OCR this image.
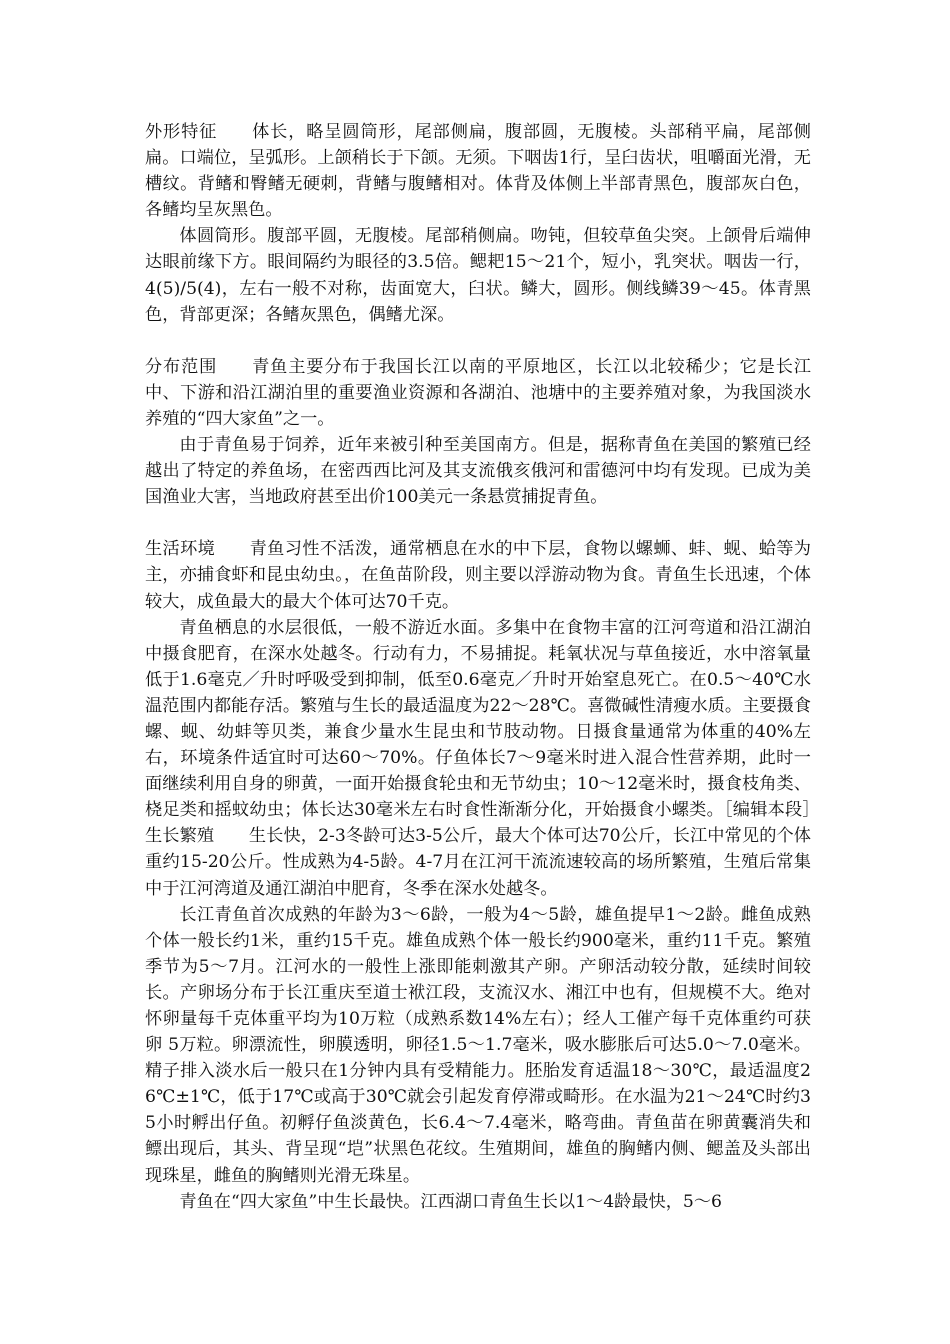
外形特征 体长，略呈圆筒形，尾部侧扁，腹部圆，无腹棱。头部稍平扁，尾部侧扁。口端位，呈弧形。上颌稍长于下颌。无须。下咽齿1行，呈臼齿状，咀嚼面光滑，无槽纹。背鳍和臀鳍无硬刺，背鳍与腹鳍相对。体背及体侧上半部青黑色，腹部灰白色，各鳍均呈灰黑色。

体圆筒形。腹部平圆，无腹棱。尾部稍侧扁。吻钝，但较草鱼尖突。上颌骨后端伸达眼前缘下方。眼间隔约为眼径的3.5倍。鳃耙15～21个，短小，乳突状。咽齿一行，4(5)/5(4)，左右一般不对称，齿面宽大，臼状。鳞大，圆形。侧线鳞39～45。体青黑色，背部更深；各鳍灰黑色，偶鳍尤深。

分布范围 青鱼主要分布于我国长江以南的平原地区，长江以北较稀少；它是长江中、下游和沿江湖泊里的重要渔业资源和各湖泊、池塘中的主要养殖对象，为我国淡水养殖的“四大家鱼”之一。

由于青鱼易于饲养，近年来被引种至美国南方。但是，据称青鱼在美国的繁殖已经越出了特定的养鱼场，在密西西比河及其支流俄亥俄河和雷德河中均有发现。已成为美国渔业大害，当地政府甚至出价100美元一条悬赏捕捉青鱼。

生活环境 青鱼习性不活泼，通常栖息在水的中下层，食物以螺蛳、蚌、蚬、蛤等为主，亦捕食虾和昆虫幼虫。，在鱼苗阶段，则主要以浮游动物为食。青鱼生长迅速，个体较大，成鱼最大的最大个体可达70千克。

青鱼栖息的水层很低，一般不游近水面。多集中在食物丰富的江河弯道和沿江湖泊中摄食肥育，在深水处越冬。行动有力，不易捕捉。耗氧状况与草鱼接近，水中溶氧量低于1.6毫克／升时呼吸受到抑制，低至0.6毫克／升时开始窒息死亡。在0.5～40℃水温范围内都能存活。繁殖与生长的最适温度为22～28℃。喜微碱性清瘦水质。主要摄食螺、蚬、幼蚌等贝类，兼食少量水生昆虫和节肢动物。日摄食量通常为体重的40%左右，环境条件适宜时可达60～70%。仔鱼体长7～9毫米时进入混合性营养期，此时一面继续利用自身的卵黄，一面开始摄食轮虫和无节幼虫；10～12毫米时，摄食枝角类、桡足类和摇蚊幼虫；体长达30毫米左右时食性渐渐分化，开始摄食小螺类。［编辑本段］生长繁殖　　生长快，2-3冬龄可达3-5公斤，最大个体可达70公斤，长江中常见的个体重约15-20公斤。性成熟为4-5龄。4-7月在江河干流流速较高的场所繁殖，生殖后常集中于江河湾道及通江湖泊中肥育，冬季在深水处越冬。

长江青鱼首次成熟的年龄为3～6龄，一般为4～5龄，雄鱼提早1～2龄。雌鱼成熟个体一般长约1米，重约15千克。雄鱼成熟个体一般长约900毫米，重约11千克。繁殖季节为5～7月。江河水的一般性上涨即能刺激其产卵。产卵活动较分散，延续时间较长。产卵场分布于长江重庆至道士袱江段，支流汉水、湘江中也有，但规模不大。绝对怀卵量每千克体重平均为10万粒（成熟系数14%左右）；经人工催产每千克体重约可获卵 5万粒。卵漂流性，卵膜透明，卵径1.5～1.7毫米，吸水膨胀后可达5.0～7.0毫米。精子排入淡水后一般只在1分钟内具有受精能力。胚胎发育适温18～30℃，最适温度26℃±1℃，低于17℃或高于30℃就会引起发育停滞或畸形。在水温为21～24℃时约35小时孵出仔鱼。初孵仔鱼淡黄色，长6.4～7.4毫米，略弯曲。青鱼苗在卵黄囊消失和鳔出现后，其头、背呈现“垲”状黑色花纹。生殖期间，雄鱼的胸鳍内侧、鳃盖及头部出现珠星，雌鱼的胸鳍则光滑无珠星。

青鱼在“四大家鱼”中生长最快。江西湖口青鱼生长以1～4龄最快，5～6
